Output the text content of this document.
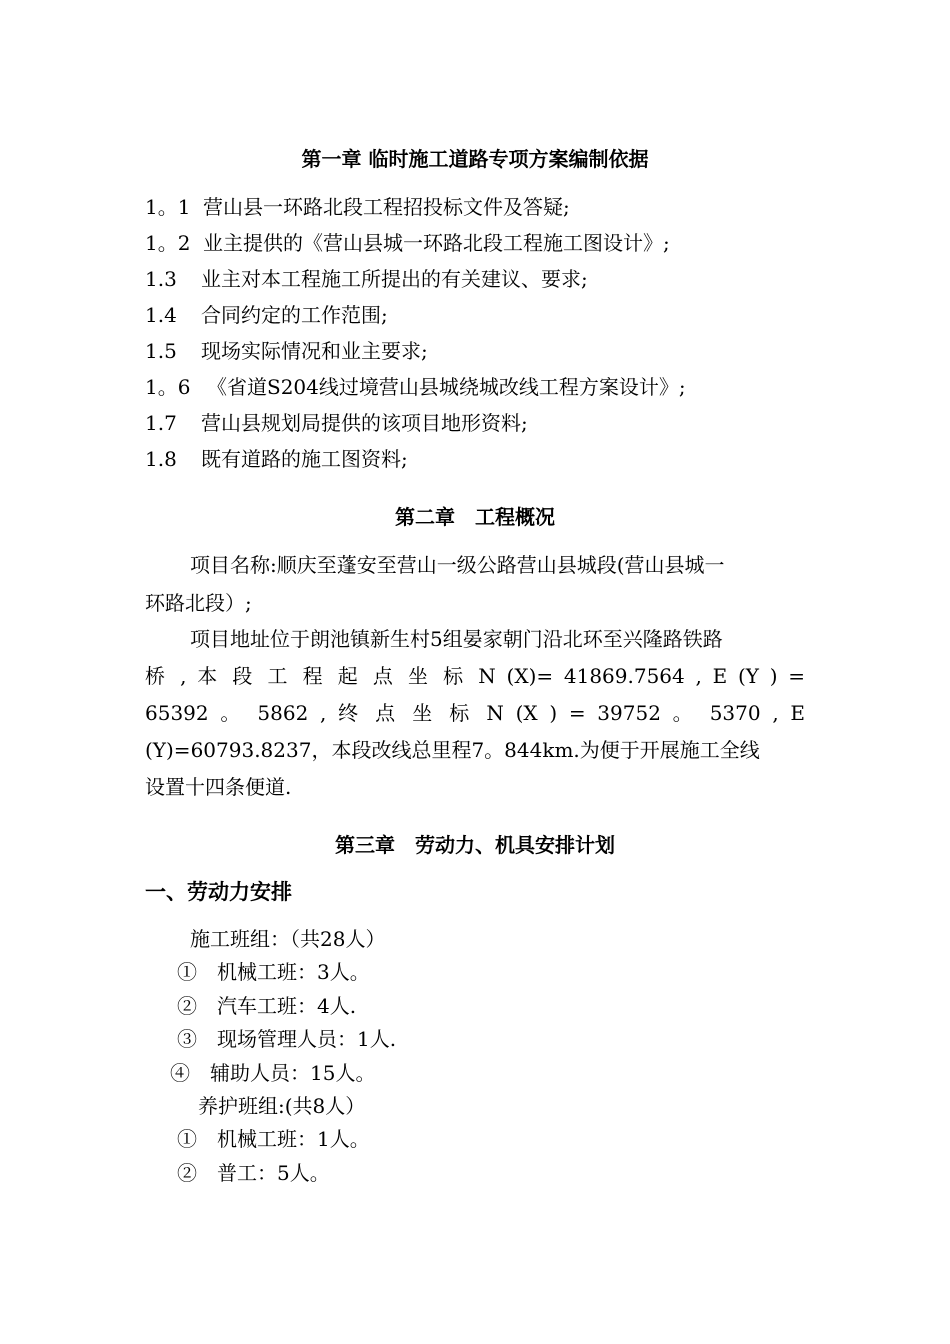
第一章 临时施工道路专项方案编制依据
1。1 营山县一环路北段工程招投标文件及答疑;
1。2 业主提供的《营山县城一环路北段工程施工图设计》;
1.3 业主对本工程施工所提出的有关建议、要求;
1.4 合同约定的工作范围;
1.5 现场实际情况和业主要求;
1。6 《省道S204线过境营山县城绕城改线工程方案设计》;
1.7 营山县规划局提供的该项目地形资料;
1.8 既有道路的施工图资料;
第二章　工程概况
项目名称:顺庆至蓬安至营山一级公路营山县城段(营山县城一
环路北段）;
项目地址位于朗池镇新生村5组晏家朝门沿北环至兴隆路铁路
桥 , 本 段 工 程 起 点 坐 标 N (X)= 41869.7564 , E (Y ) =
65392 。 5862 , 终 点 坐 标 N (X ) = 39752 。 5370 , E
(Y)=60793.8237，本段改线总里程7。844km.为便于开展施工全线
设置十四条便道.
第三章　劳动力、机具安排计划
一、劳动力安排
施工班组：（共28人）
①　机械工班：3人。
②　汽车工班：4人.
③　现场管理人员：1人.
④　辅助人员：15人。
养护班组:(共8人）
①　机械工班：1人。
②　普工：5人。
